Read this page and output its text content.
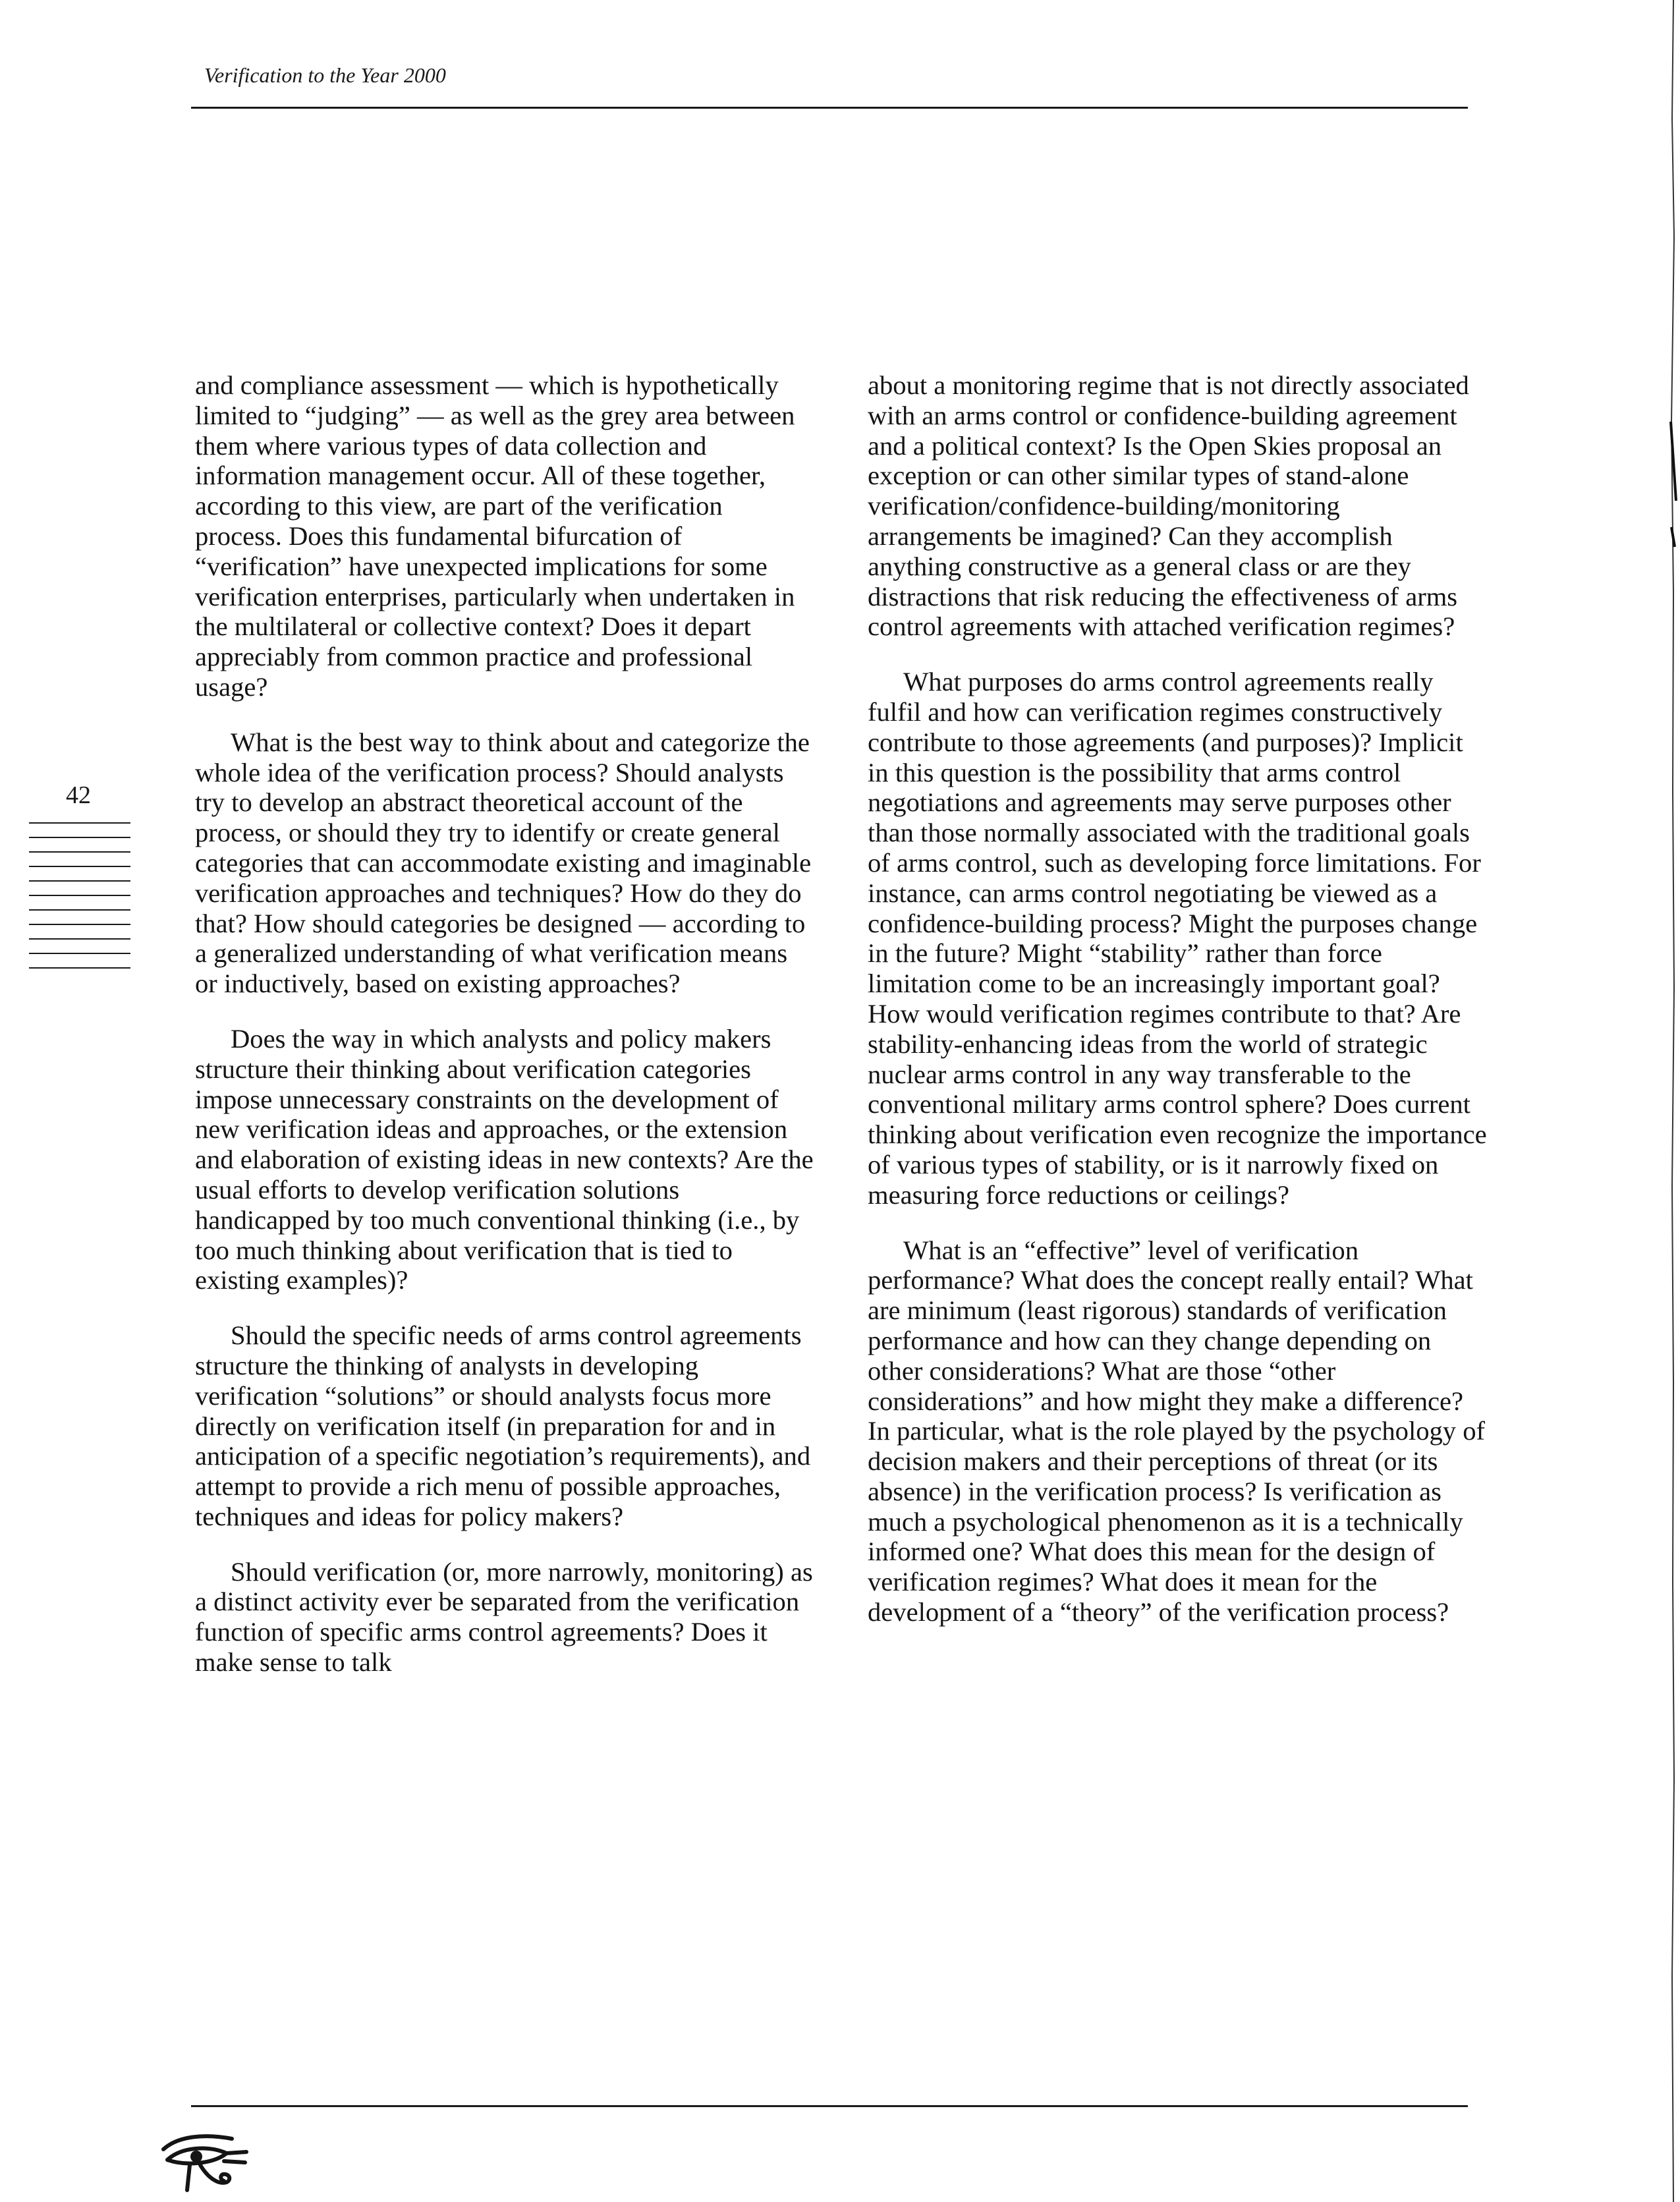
Verification to the Year 2000

and compliance assessment — which is hypothetically limited to “judging” — as well as the grey area between them where various types of data collection and information management occur. All of these together, according to this view, are part of the verification process. Does this fundamental bifurcation of “verification” have unexpected implications for some verification enterprises, particularly when undertaken in the multilateral or collective context? Does it depart appreciably from common practice and professional usage?

What is the best way to think about and categorize the whole idea of the verification process? Should analysts try to develop an abstract theoretical account of the process, or should they try to identify or create general categories that can accommodate existing and imaginable verification approaches and techniques? How do they do that? How should categories be designed — according to a generalized understanding of what verification means or inductively, based on existing approaches?

Does the way in which analysts and policy makers structure their thinking about verification categories impose unnecessary constraints on the development of new verification ideas and approaches, or the extension and elaboration of existing ideas in new contexts? Are the usual efforts to develop verification solutions handicapped by too much conventional thinking (i.e., by too much thinking about verification that is tied to existing examples)?

Should the specific needs of arms control agreements structure the thinking of analysts in developing verification “solutions” or should analysts focus more directly on verification itself (in preparation for and in anticipation of a specific negotiation’s requirements), and attempt to provide a rich menu of possible approaches, techniques and ideas for policy makers?

Should verification (or, more narrowly, monitoring) as a distinct activity ever be separated from the verification function of specific arms control agreements? Does it make sense to talk

about a monitoring regime that is not directly associated with an arms control or confidence-building agreement and a political context? Is the Open Skies proposal an exception or can other similar types of stand-alone verification/confidence-building/monitoring arrangements be imagined? Can they accomplish anything constructive as a general class or are they distractions that risk reducing the effectiveness of arms control agreements with attached verification regimes?

What purposes do arms control agreements really fulfil and how can verification regimes constructively contribute to those agreements (and purposes)? Implicit in this question is the possibility that arms control negotiations and agreements may serve purposes other than those normally associated with the traditional goals of arms control, such as developing force limitations. For instance, can arms control negotiating be viewed as a confidence-building process? Might the purposes change in the future? Might “stability” rather than force limitation come to be an increasingly important goal? How would verification regimes contribute to that? Are stability-enhancing ideas from the world of strategic nuclear arms control in any way transferable to the conventional military arms control sphere? Does current thinking about verification even recognize the importance of various types of stability, or is it narrowly fixed on measuring force reductions or ceilings?

What is an “effective” level of verification performance? What does the concept really entail? What are minimum (least rigorous) standards of verification performance and how can they change depending on other considerations? What are those “other considerations” and how might they make a difference? In particular, what is the role played by the psychology of decision makers and their perceptions of threat (or its absence) in the verification process? Is verification as much a psychological phenomenon as it is a technically informed one? What does this mean for the design of verification regimes? What does it mean for the development of a “theory” of the verification process?

42
